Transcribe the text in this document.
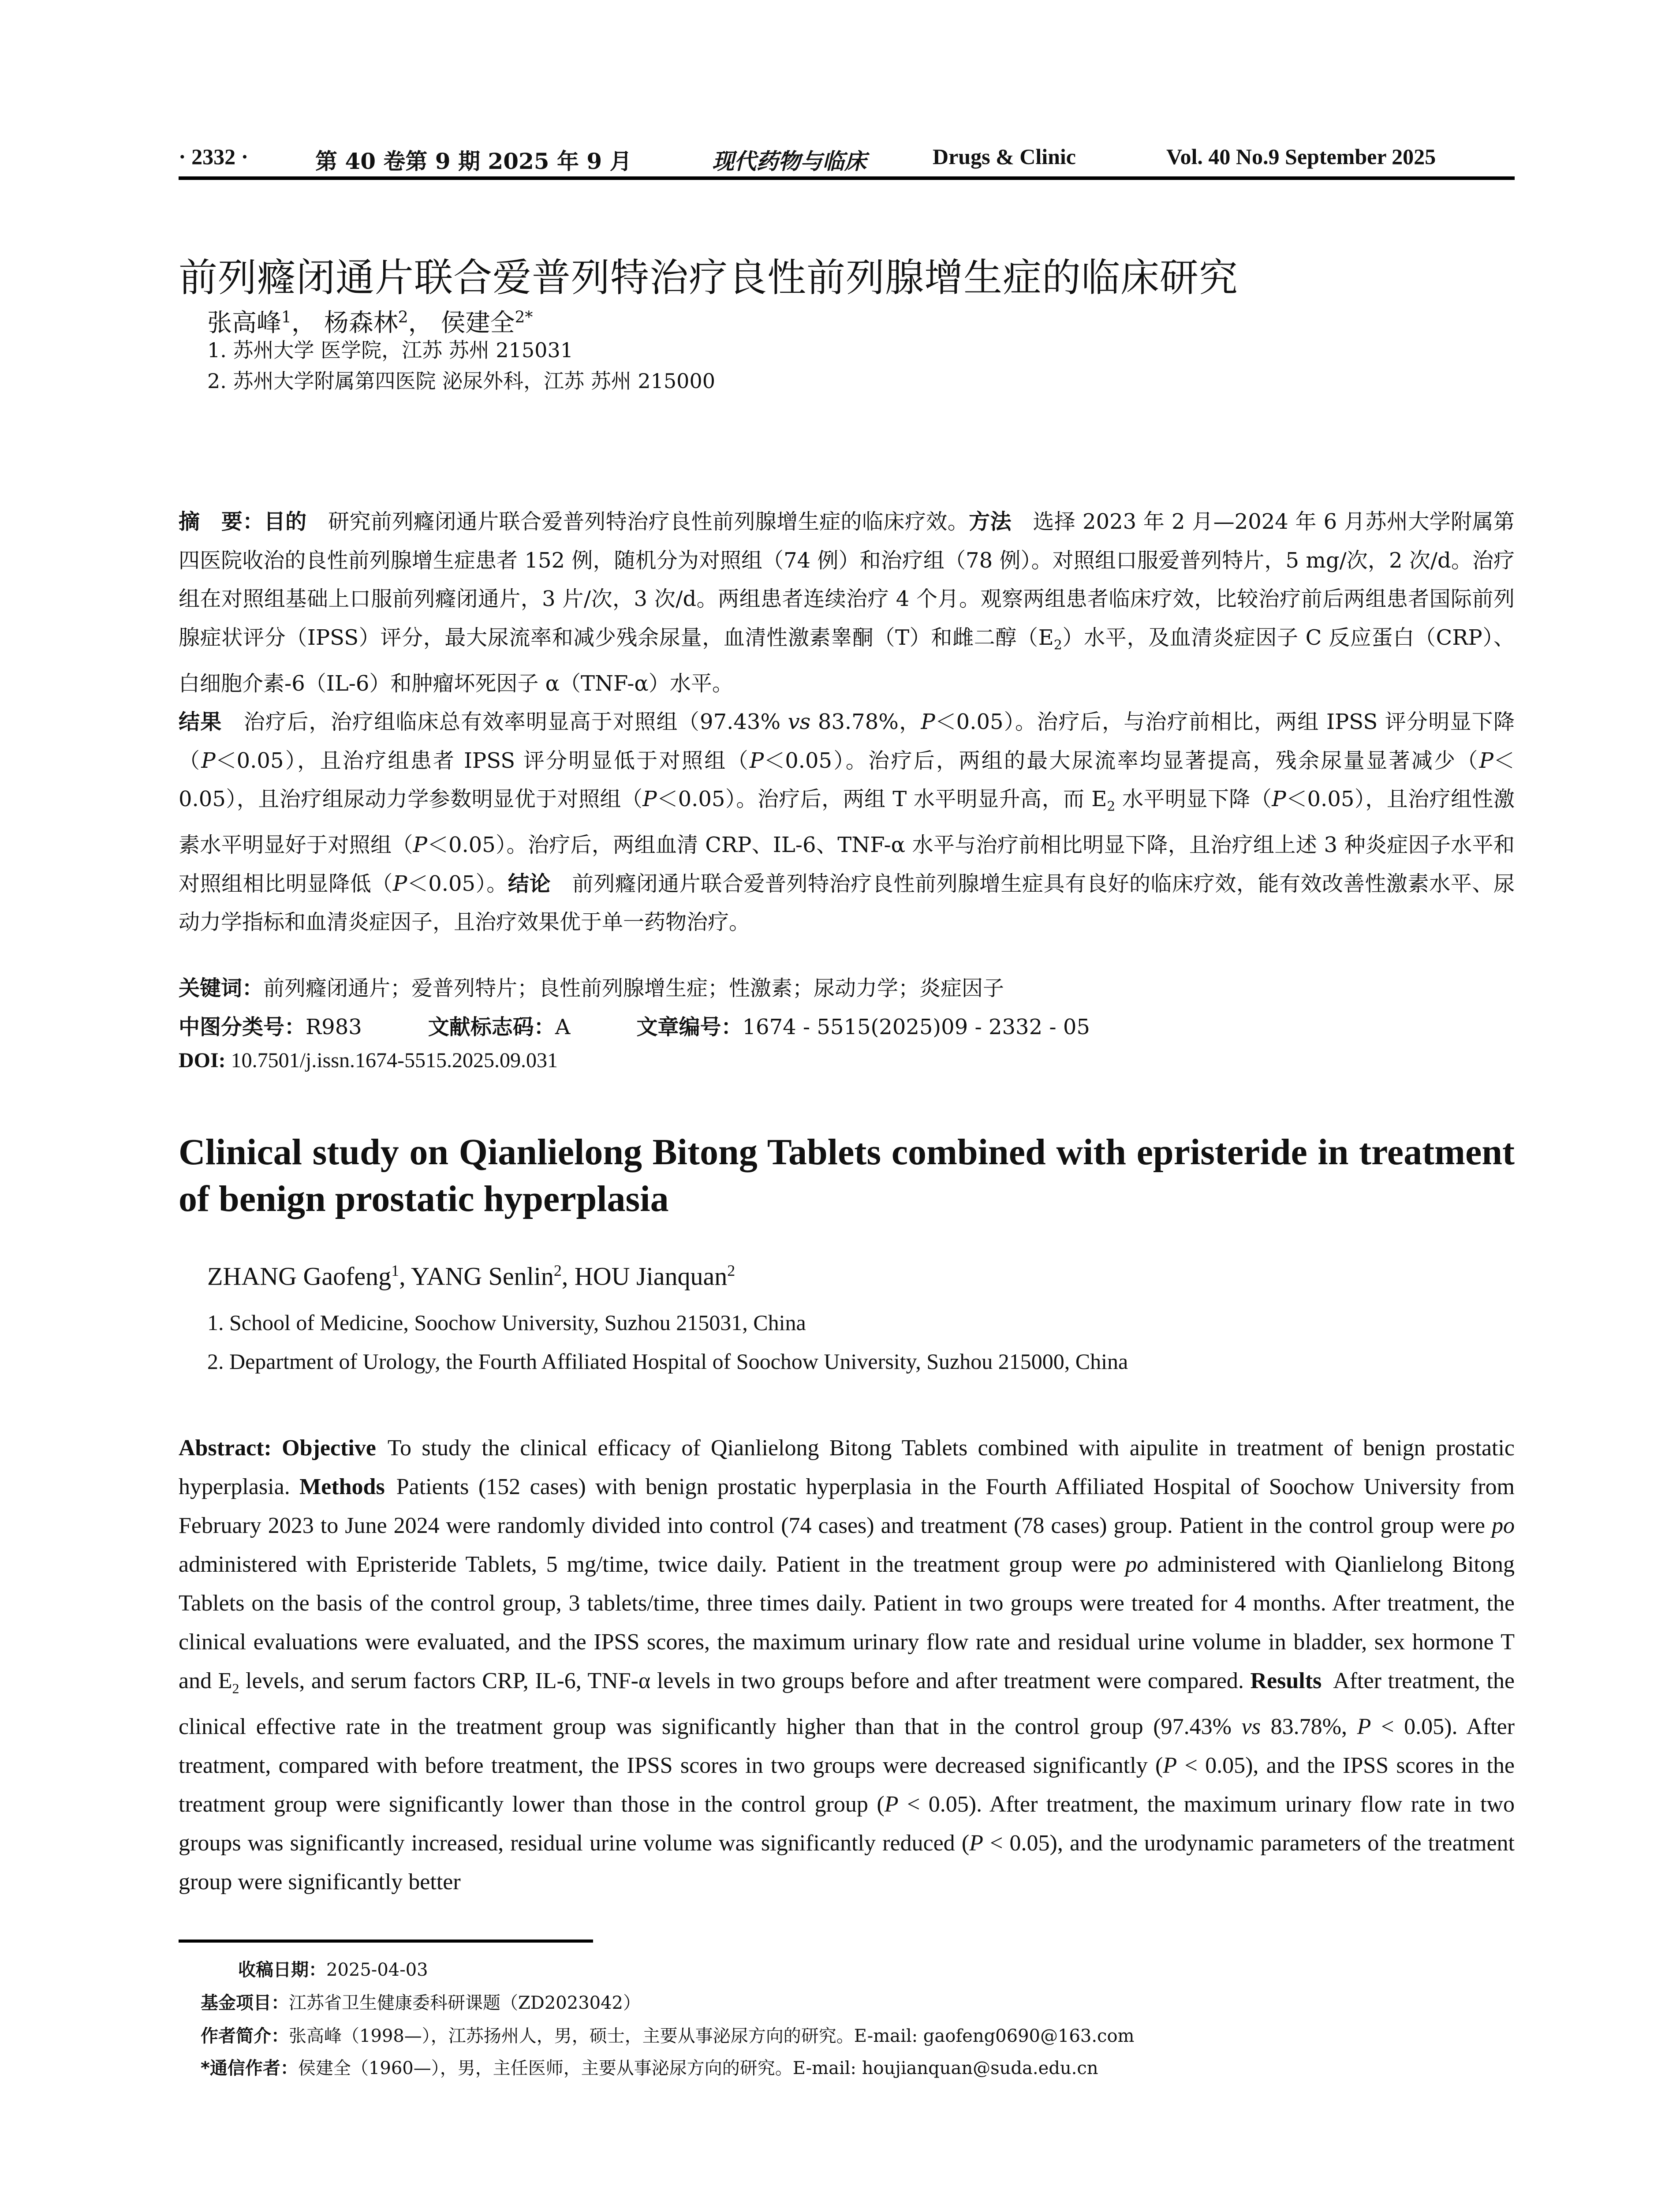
· 2332 ·	第 40 卷第 9 期 2025 年 9 月	现代药物与临床	Drugs & Clinic	Vol. 40 No.9 September 2025
前列癃闭通片联合爱普列特治疗良性前列腺增生症的临床研究
张高峰$^1$， 杨森林$^2$， 侯建全$^{2*}$
1. 苏州大学 医学院，江苏 苏州 215031
2. 苏州大学附属第四医院 泌尿外科，江苏 苏州 215000
摘　要：目的  研究前列癃闭通片联合爱普列特治疗良性前列腺增生症的临床疗效。方法  选择 2023 年 2 月—2024 年 6 月苏州大学附属第四医院收治的良性前列腺增生症患者 152 例，随机分为对照组（74 例）和治疗组（78 例）。对照组口服爱普列特片，5 mg/次，2 次/d。治疗组在对照组基础上口服前列癃闭通片，3 片/次，3 次/d。两组患者连续治疗 4 个月。观察两组患者临床疗效，比较治疗前后两组患者国际前列腺症状评分（IPSS）评分，最大尿流率和减少残余尿量，血清性激素睾酮（T）和雌二醇$(E_2)$水平，及血清炎症因子 C 反应蛋白（CRP）、白细胞介素-6（IL-6）和肿瘤坏死因子 α（TNF-α）水平。
结果  治疗后，治疗组临床总有效率明显高于对照组（97.43% vs 83.78%，P＜0.05）。治疗后，与治疗前相比，两组 IPSS 评分明显下降（P＜0.05），且治疗组患者 IPSS 评分明显低于对照组（P＜0.05）。治疗后，两组的最大尿流率均显著提高，残余尿量显著减少（P＜0.05），且治疗组尿动力学参数明显优于对照组（P＜0.05）。治疗后，两组 T 水平明显升高，而 $E_2$ 水平明显下降（P＜0.05），且治疗组性激素水平明显好于对照组（P＜0.05）。治疗后，两组血清 CRP、IL-6、TNF-α 水平与治疗前相比明显下降，且治疗组上述 3 种炎症因子水平和对照组相比明显降低（P＜0.05）。结论  前列癃闭通片联合爱普列特治疗良性前列腺增生症具有良好的临床疗效，能有效改善性激素水平、尿动力学指标和血清炎症因子，且治疗效果优于单一药物治疗。
关键词：前列癃闭通片；爱普列特片；良性前列腺增生症；性激素；尿动力学；炎症因子
中图分类号：R983	文献标志码：A	文章编号：1674 - 5515(2025)09 - 2332 - 05
DOI: 10.7501/j.issn.1674-5515.2025.09.031
Clinical study on Qianlielong Bitong Tablets combined with epristeride in treatment of benign prostatic hyperplasia
ZHANG Gaofeng$^1$, YANG Senlin$^2$, HOU Jianquan$^2$
1. School of Medicine, Soochow University, Suzhou 215031, China
2. Department of Urology, the Fourth Affiliated Hospital of Soochow University, Suzhou 215000, China
Abstract: Objective  To study the clinical efficacy of Qianlielong Bitong Tablets combined with aipulite in treatment of benign prostatic hyperplasia. Methods  Patients (152 cases) with benign prostatic hyperplasia in the Fourth Affiliated Hospital of Soochow University from February 2023 to June 2024 were randomly divided into control (74 cases) and treatment (78 cases) group. Patient in the control group were po administered with Epristeride Tablets, 5 mg/time, twice daily. Patient in the treatment group were po administered with Qianlielong Bitong Tablets on the basis of the control group, 3 tablets/time, three times daily. Patient in two groups were treated for 4 months. After treatment, the clinical evaluations were evaluated, and the IPSS scores, the maximum urinary flow rate and residual urine volume in bladder, sex hormone T and $E_2$ levels, and serum factors CRP, IL-6, TNF-α levels in two groups before and after treatment were compared. Results  After treatment, the clinical effective rate in the treatment group was significantly higher than that in the control group (97.43% vs 83.78%, P < 0.05). After treatment, compared with before treatment, the IPSS scores in two groups were decreased significantly (P < 0.05), and the IPSS scores in the treatment group were significantly lower than those in the control group (P < 0.05). After treatment, the maximum urinary flow rate in two groups was significantly increased, residual urine volume was significantly reduced (P < 0.05), and the urodynamic parameters of the treatment group were significantly better
收稿日期：2025-04-03
基金项目：江苏省卫生健康委科研课题（ZD2023042）
作者简介：张高峰（1998—），江苏扬州人，男，硕士，主要从事泌尿方向的研究。E-mail: gaofeng0690@163.com
*通信作者：侯建全（1960—），男，主任医师，主要从事泌尿方向的研究。E-mail: houjianquan@suda.edu.cn
